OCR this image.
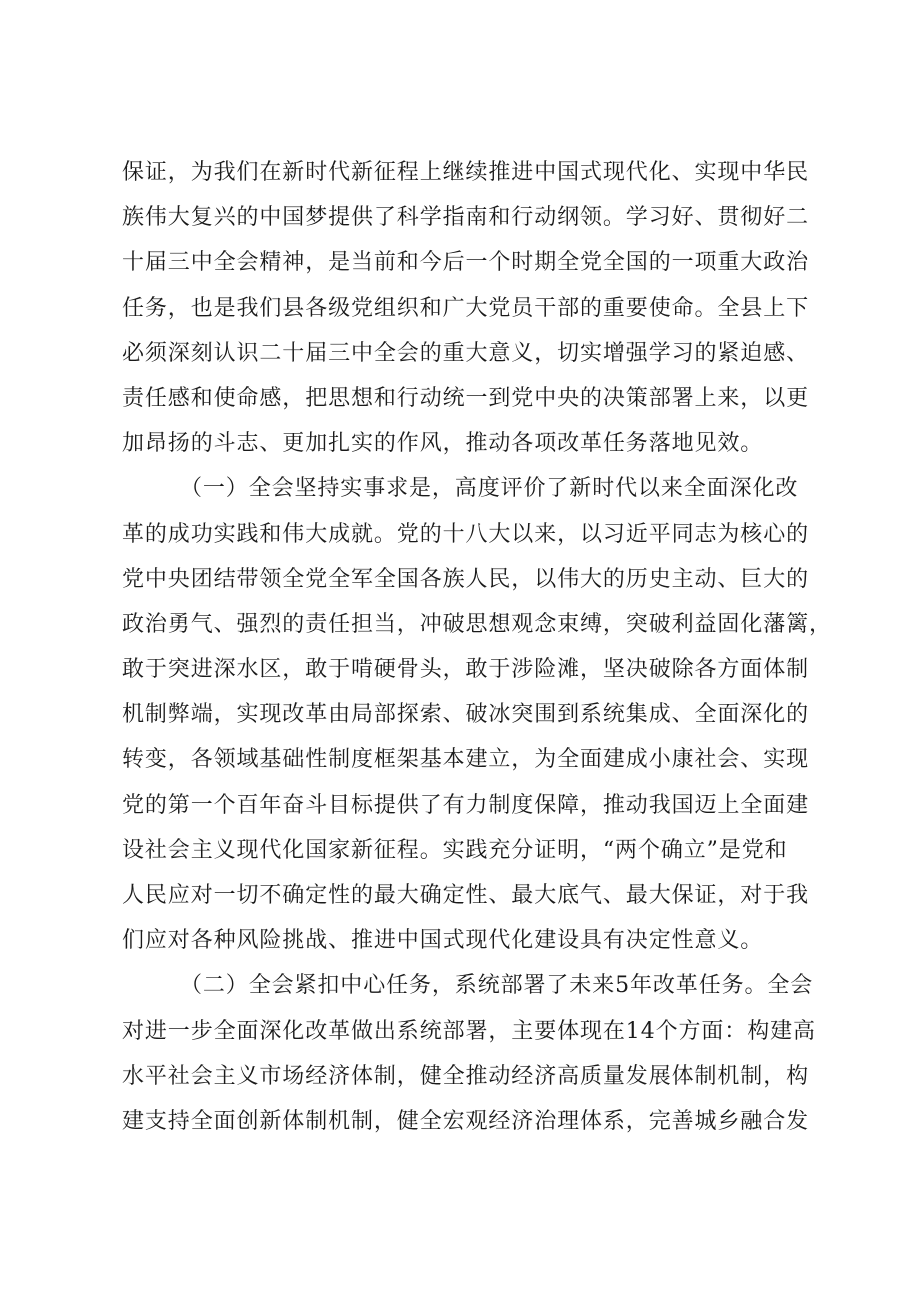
保证，为我们在新时代新征程上继续推进中国式现代化、实现中华民
族伟大复兴的中国梦提供了科学指南和行动纲领。学习好、贯彻好二
十届三中全会精神，是当前和今后一个时期全党全国的一项重大政治
任务，也是我们县各级党组织和广大党员干部的重要使命。全县上下
必须深刻认识二十届三中全会的重大意义，切实增强学习的紧迫感、
责任感和使命感，把思想和行动统一到党中央的决策部署上来，以更
加昂扬的斗志、更加扎实的作风，推动各项改革任务落地见效。
（一）全会坚持实事求是，高度评价了新时代以来全面深化改
革的成功实践和伟大成就。党的十八大以来，以习近平同志为核心的
党中央团结带领全党全军全国各族人民，以伟大的历史主动、巨大的
政治勇气、强烈的责任担当，冲破思想观念束缚，突破利益固化藩篱，
敢于突进深水区，敢于啃硬骨头，敢于涉险滩，坚决破除各方面体制
机制弊端，实现改革由局部探索、破冰突围到系统集成、全面深化的
转变，各领域基础性制度框架基本建立，为全面建成小康社会、实现
党的第一个百年奋斗目标提供了有力制度保障，推动我国迈上全面建
设社会主义现代化国家新征程。实践充分证明，“两个确立”是党和
人民应对一切不确定性的最大确定性、最大底气、最大保证，对于我
们应对各种风险挑战、推进中国式现代化建设具有决定性意义。
（二）全会紧扣中心任务，系统部署了未来5年改革任务。全会
对进一步全面深化改革做出系统部署，主要体现在14个方面：构建高
水平社会主义市场经济体制，健全推动经济高质量发展体制机制，构
建支持全面创新体制机制，健全宏观经济治理体系，完善城乡融合发
